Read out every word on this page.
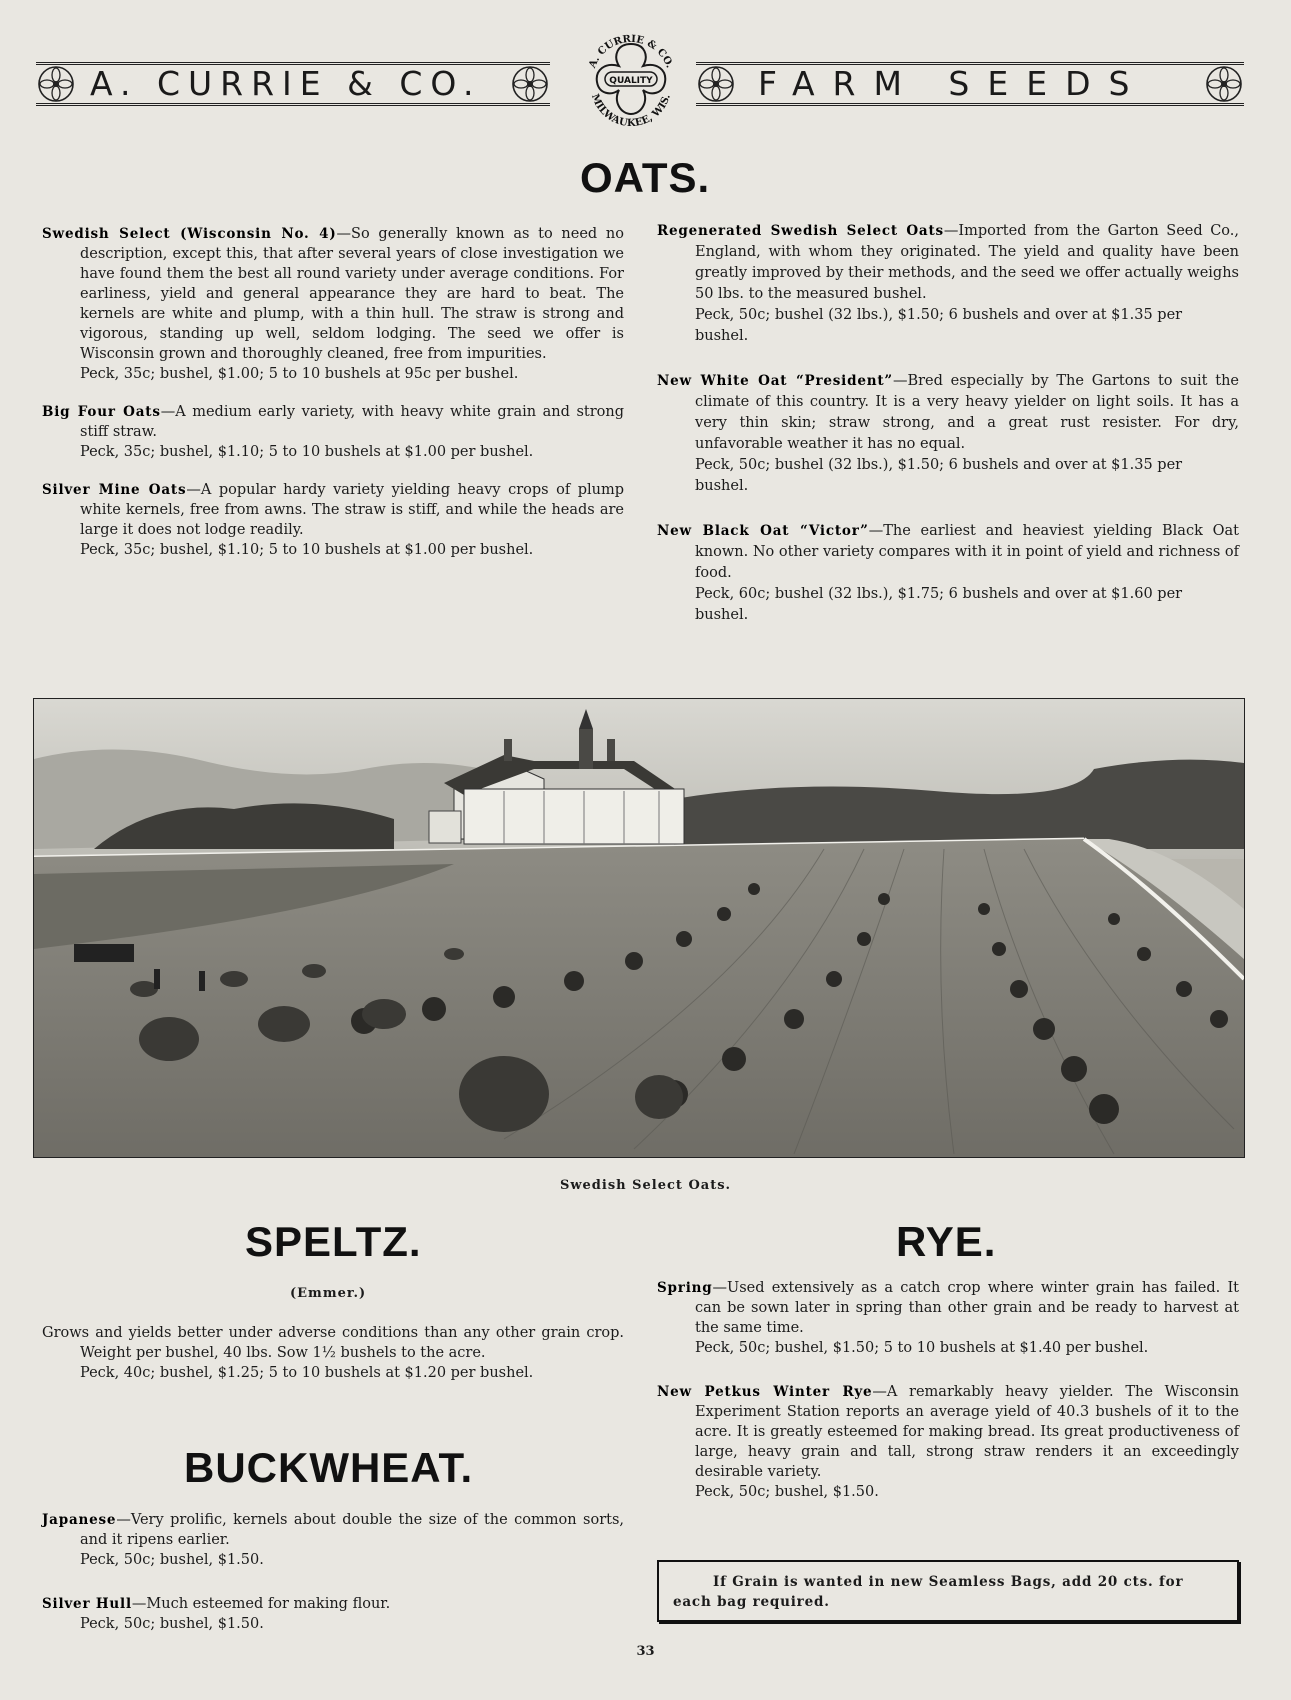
A. CURRIE & CO.	QUALITY
A. CURRIE & CO.
MILWAUKEE, WIS.	FARM SEEDS
OATS.

Swedish Select (Wisconsin No. 4)—So generally known as to need no description, except this, that after several years of close investigation we have found them the best all round variety under average conditions. For earliness, yield and general appearance they are hard to beat. The kernels are white and plump, with a thin hull. The straw is strong and vigorous, standing up well, seldom lodging. The seed we offer is Wisconsin grown and thoroughly cleaned, free from impurities.

Peck, 35c; bushel, $1.00; 5 to 10 bushels at 95c per bushel.

Big Four Oats—A medium early variety, with heavy white grain and strong stiff straw.

Peck, 35c; bushel, $1.10; 5 to 10 bushels at $1.00 per bushel.

Silver Mine Oats—A popular hardy variety yielding heavy crops of plump white kernels, free from awns. The straw is stiff, and while the heads are large it does not lodge readily.

Peck, 35c; bushel, $1.10; 5 to 10 bushels at $1.00 per bushel.

Regenerated Swedish Select Oats—Imported from the Garton Seed Co., England, with whom they originated. The yield and quality have been greatly improved by their methods, and the seed we offer actually weighs 50 lbs. to the measured bushel.

Peck, 50c; bushel (32 lbs.), $1.50; 6 bushels and over at $1.35 per bushel.

New White Oat “President”—Bred especially by The Gartons to suit the climate of this country. It is a very heavy yielder on light soils. It has a very thin skin; straw strong, and a great rust resister. For dry, unfavorable weather it has no equal.

Peck, 50c; bushel (32 lbs.), $1.50; 6 bushels and over at $1.35 per bushel.

New Black Oat “Victor”—The earliest and heaviest yielding Black Oat known. No other variety compares with it in point of yield and richness of food.

Peck, 60c; bushel (32 lbs.), $1.75; 6 bushels and over at $1.60 per bushel.
Swedish Select Oats.
SPELTZ.
(Emmer.)

Grows and yields better under adverse conditions than any other grain crop. Weight per bushel, 40 lbs. Sow 1½ bushels to the acre.

Peck, 40c; bushel, $1.25; 5 to 10 bushels at $1.20 per bushel.
BUCKWHEAT.

Japanese—Very prolific, kernels about double the size of the common sorts, and it ripens earlier.

Peck, 50c; bushel, $1.50.

Silver Hull—Much esteemed for making flour.

Peck, 50c; bushel, $1.50.
RYE.

Spring—Used extensively as a catch crop where winter grain has failed. It can be sown later in spring than other grain and be ready to harvest at the same time.

Peck, 50c; bushel, $1.50; 5 to 10 bushels at $1.40 per bushel.

New Petkus Winter Rye—A remarkably heavy yielder. The Wisconsin Experiment Station reports an average yield of 40.3 bushels of it to the acre. It is greatly esteemed for making bread. Its great productiveness of large, heavy grain and tall, strong straw renders it an exceedingly desirable variety.

Peck, 50c; bushel, $1.50.

If Grain is wanted in new Seamless Bags, add 20 cts. for each bag required.

33
